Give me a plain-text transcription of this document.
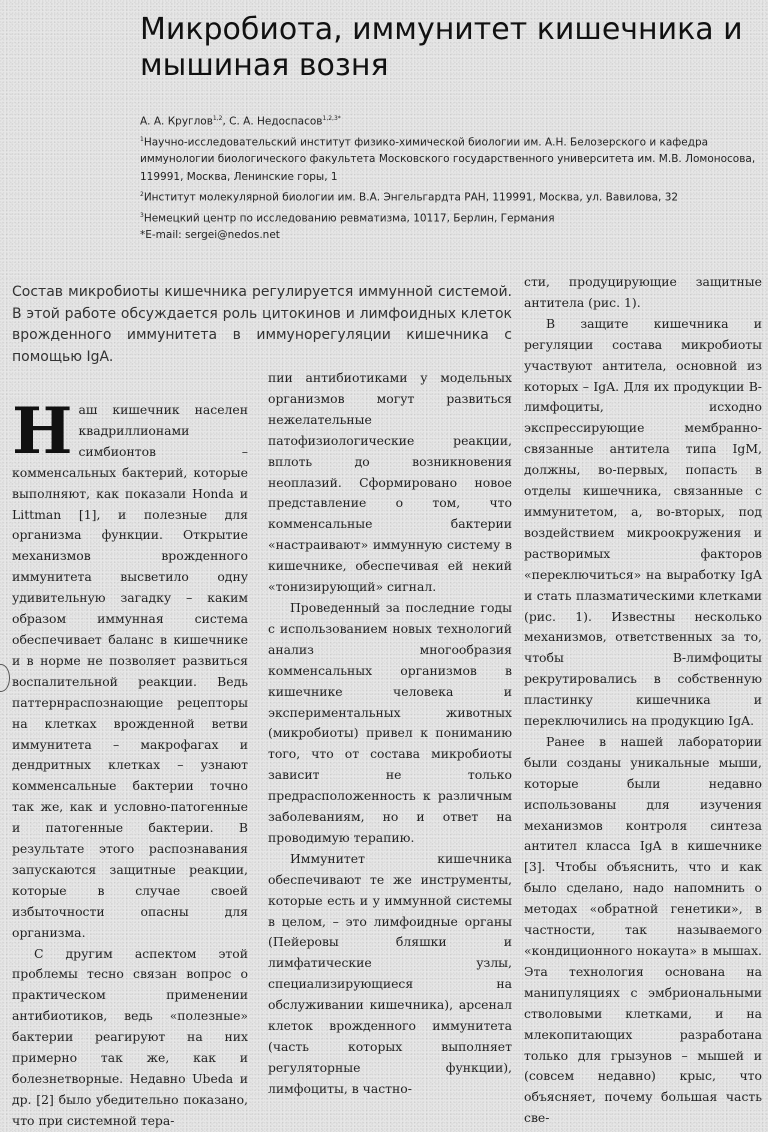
Микробиота, иммунитет кишечника и мышиная возня
А. А. Круглов$^{1,2}$, С. А. Недоспасов$^{1,2,3*}$
$^1$Научно-исследовательский институт физико-химической биологии им. А.Н. Белозерского и кафедра иммунологии биологического факультета Московского государственного университета им. М.В. Ломоносова, 119991, Москва, Ленинские горы, 1
$^2$Институт молекулярной биологии им. В.А. Энгельгардта РАН, 119991, Москва, ул. Вавилова, 32
$^3$Немецкий центр по исследованию ревматизма, 10117, Берлин, Германия
*E-mail: sergei@nedos.net
Состав микробиоты кишечника регулируется иммунной системой. В этой работе обсуждается роль цитокинов и лимфоидных клеток врожденного иммунитета в иммунорегуляции кишечника с помощью IgA.

Наш кишечник населен квадриллионами симбионтов – комменсальных бактерий, которые выполняют, как показали Honda и Littman [1], и полезные для организма функции. Открытие механизмов врожденного иммунитета высветило одну удивительную загадку – каким образом иммунная система обеспечивает баланс в кишечнике и в норме не позволяет развиться воспалительной реакции. Ведь паттернраспознающие рецепторы на клетках врожденной ветви иммунитета – макрофагах и дендритных клетках – узнают комменсальные бактерии точно так же, как и условно-патогенные и патогенные бактерии. В результате этого распознавания запускаются защитные реакции, которые в случае своей избыточности опасны для организма.

С другим аспектом этой проблемы тесно связан вопрос о практическом применении антибиотиков, ведь «полезные» бактерии реагируют на них примерно так же, как и болезнетворные. Недавно Ubeda и др. [2] было убедительно показано, что при системной тера-

пии антибиотиками у модельных организмов могут развиться нежелательные патофизиологические реакции, вплоть до возникновения неоплазий. Сформировано новое представление о том, что комменсальные бактерии «настраивают» иммунную систему в кишечнике, обеспечивая ей некий «тонизирующий» сигнал.

Проведенный за последние годы с использованием новых технологий анализ многообразия комменсальных организмов в кишечнике человека и экспериментальных животных (микробиоты) привел к пониманию того, что от состава микробиоты зависит не только предрасположенность к различным заболеваниям, но и ответ на проводимую терапию.

Иммунитет кишечника обеспечивают те же инструменты, которые есть и у иммунной системы в целом, – это лимфоидные органы (Пейеровы бляшки и лимфатические узлы, специализирующиеся на обслуживании кишечника), арсенал клеток врожденного иммунитета (часть которых выполняет регуляторные функции), лимфоциты, в частно-

сти, продуцирующие защитные антитела (рис. 1).

В защите кишечника и регуляции состава микробиоты участвуют антитела, основной из которых – IgA. Для их продукции В-лимфоциты, исходно экспрессирующие мембранно-связанные антитела типа IgM, должны, во-первых, попасть в отделы кишечника, связанные с иммунитетом, а, во-вторых, под воздействием микроокружения и растворимых факторов «переключиться» на выработку IgA и стать плазматическими клетками (рис. 1). Известны несколько механизмов, ответственных за то, чтобы В-лимфоциты рекрутировались в собственную пластинку кишечника и переключились на продукцию IgA.

Ранее в нашей лаборатории были созданы уникальные мыши, которые были недавно использованы для изучения механизмов контроля синтеза антител класса IgA в кишечнике [3]. Чтобы объяснить, что и как было сделано, надо напомнить о методах «обратной генетики», в частности, так называемого «кондиционного нокаута» в мышах. Эта технология основана на манипуляциях с эмбриональными стволовыми клетками, и на млекопитающих разработана только для грызунов – мышей и (совсем недавно) крыс, что объясняет, почему большая часть све-
